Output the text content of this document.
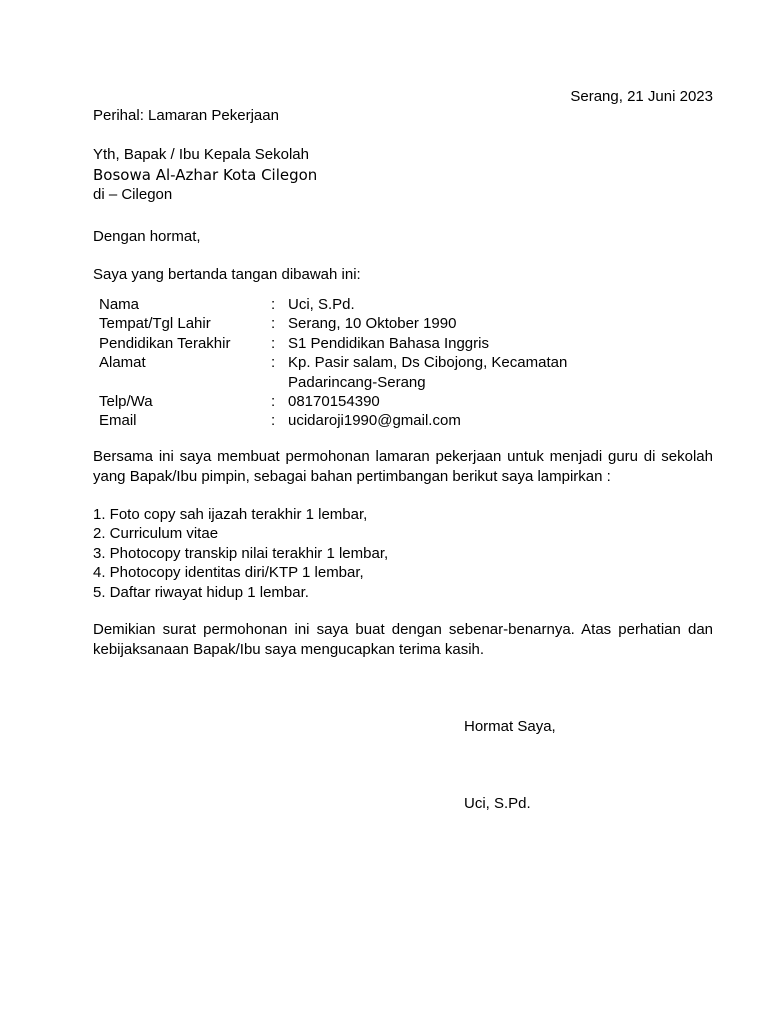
Serang, 21 Juni 2023
Perihal: Lamaran Pekerjaan
Yth, Bapak / Ibu Kepala Sekolah
Bosowa Al-Azhar Kota Cilegon
di – Cilegon
Dengan hormat,
Saya yang bertanda tangan dibawah ini:
Nama	: Uci, S.Pd.
Tempat/Tgl Lahir	: Serang, 10 Oktober 1990
Pendidikan Terakhir	: S1 Pendidikan Bahasa Inggris
Alamat	: Kp. Pasir salam, Ds Cibojong, Kecamatan
Padarincang-Serang
Telp/Wa	: 08170154390
Email	: ucidaroji1990@gmail.com
Bersama ini saya membuat permohonan lamaran pekerjaan untuk menjadi guru di sekolah yang Bapak/Ibu pimpin, sebagai bahan pertimbangan berikut saya lampirkan :
1. Foto copy sah ijazah terakhir 1 lembar,
2. Curriculum vitae
3. Photocopy transkip nilai terakhir 1 lembar,
4. Photocopy identitas diri/KTP 1 lembar,
5. Daftar riwayat hidup 1 lembar.
Demikian surat permohonan ini saya buat dengan sebenar-benarnya. Atas perhatian dan kebijaksanaan Bapak/Ibu saya mengucapkan terima kasih.
Hormat Saya,
Uci, S.Pd.
